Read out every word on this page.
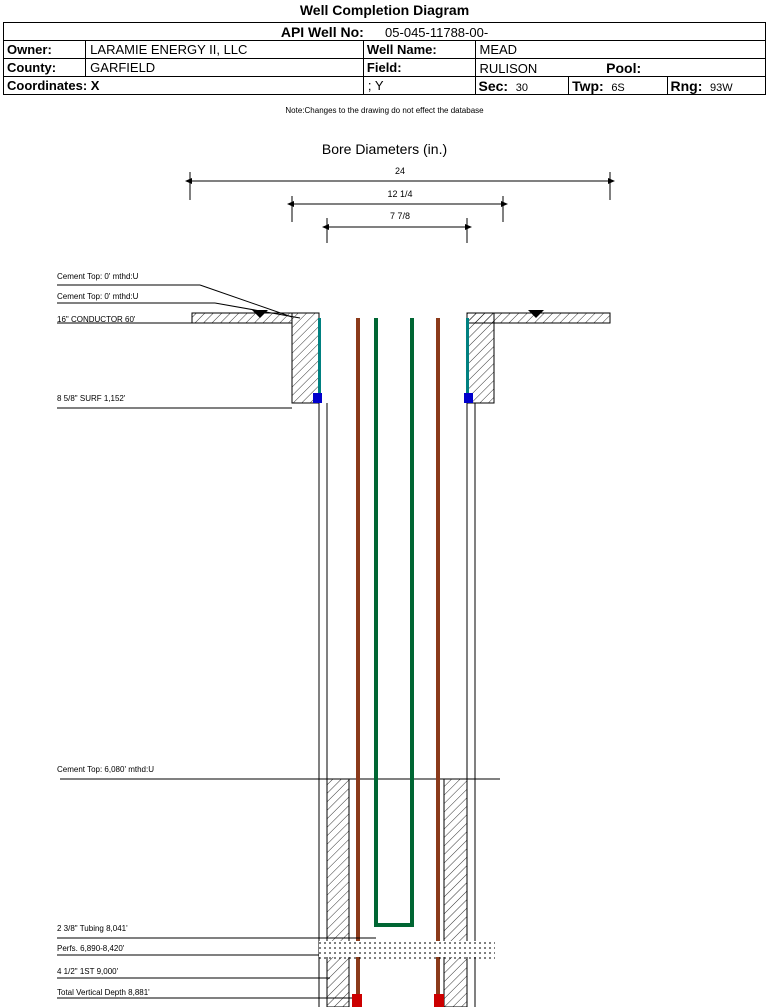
Well Completion Diagram
API Well No: 05-045-11788-00-					
Owner:	LARAMIE ENERGY II, LLC	Well Name:	MEAD		
County:	GARFIELD	Field:	RULISON Pool:		
Coordinates: X		; Y	Sec: 30	Twp: 6S	Rng: 93W
Note:Changes to the drawing do not effect the database
Bore Diameters (in.)
24
12 1/4
7 7/8
Cement Top: 0' mthd:U
Cement Top: 0' mthd:U
16" CONDUCTOR 60'
8 5/8" SURF 1,152'
Cement Top: 6,080' mthd:U
2 3/8" Tubing 8,041'
Perfs. 6,890-8,420'
4 1/2" 1ST 9,000'
Total Vertical Depth 8,881'
